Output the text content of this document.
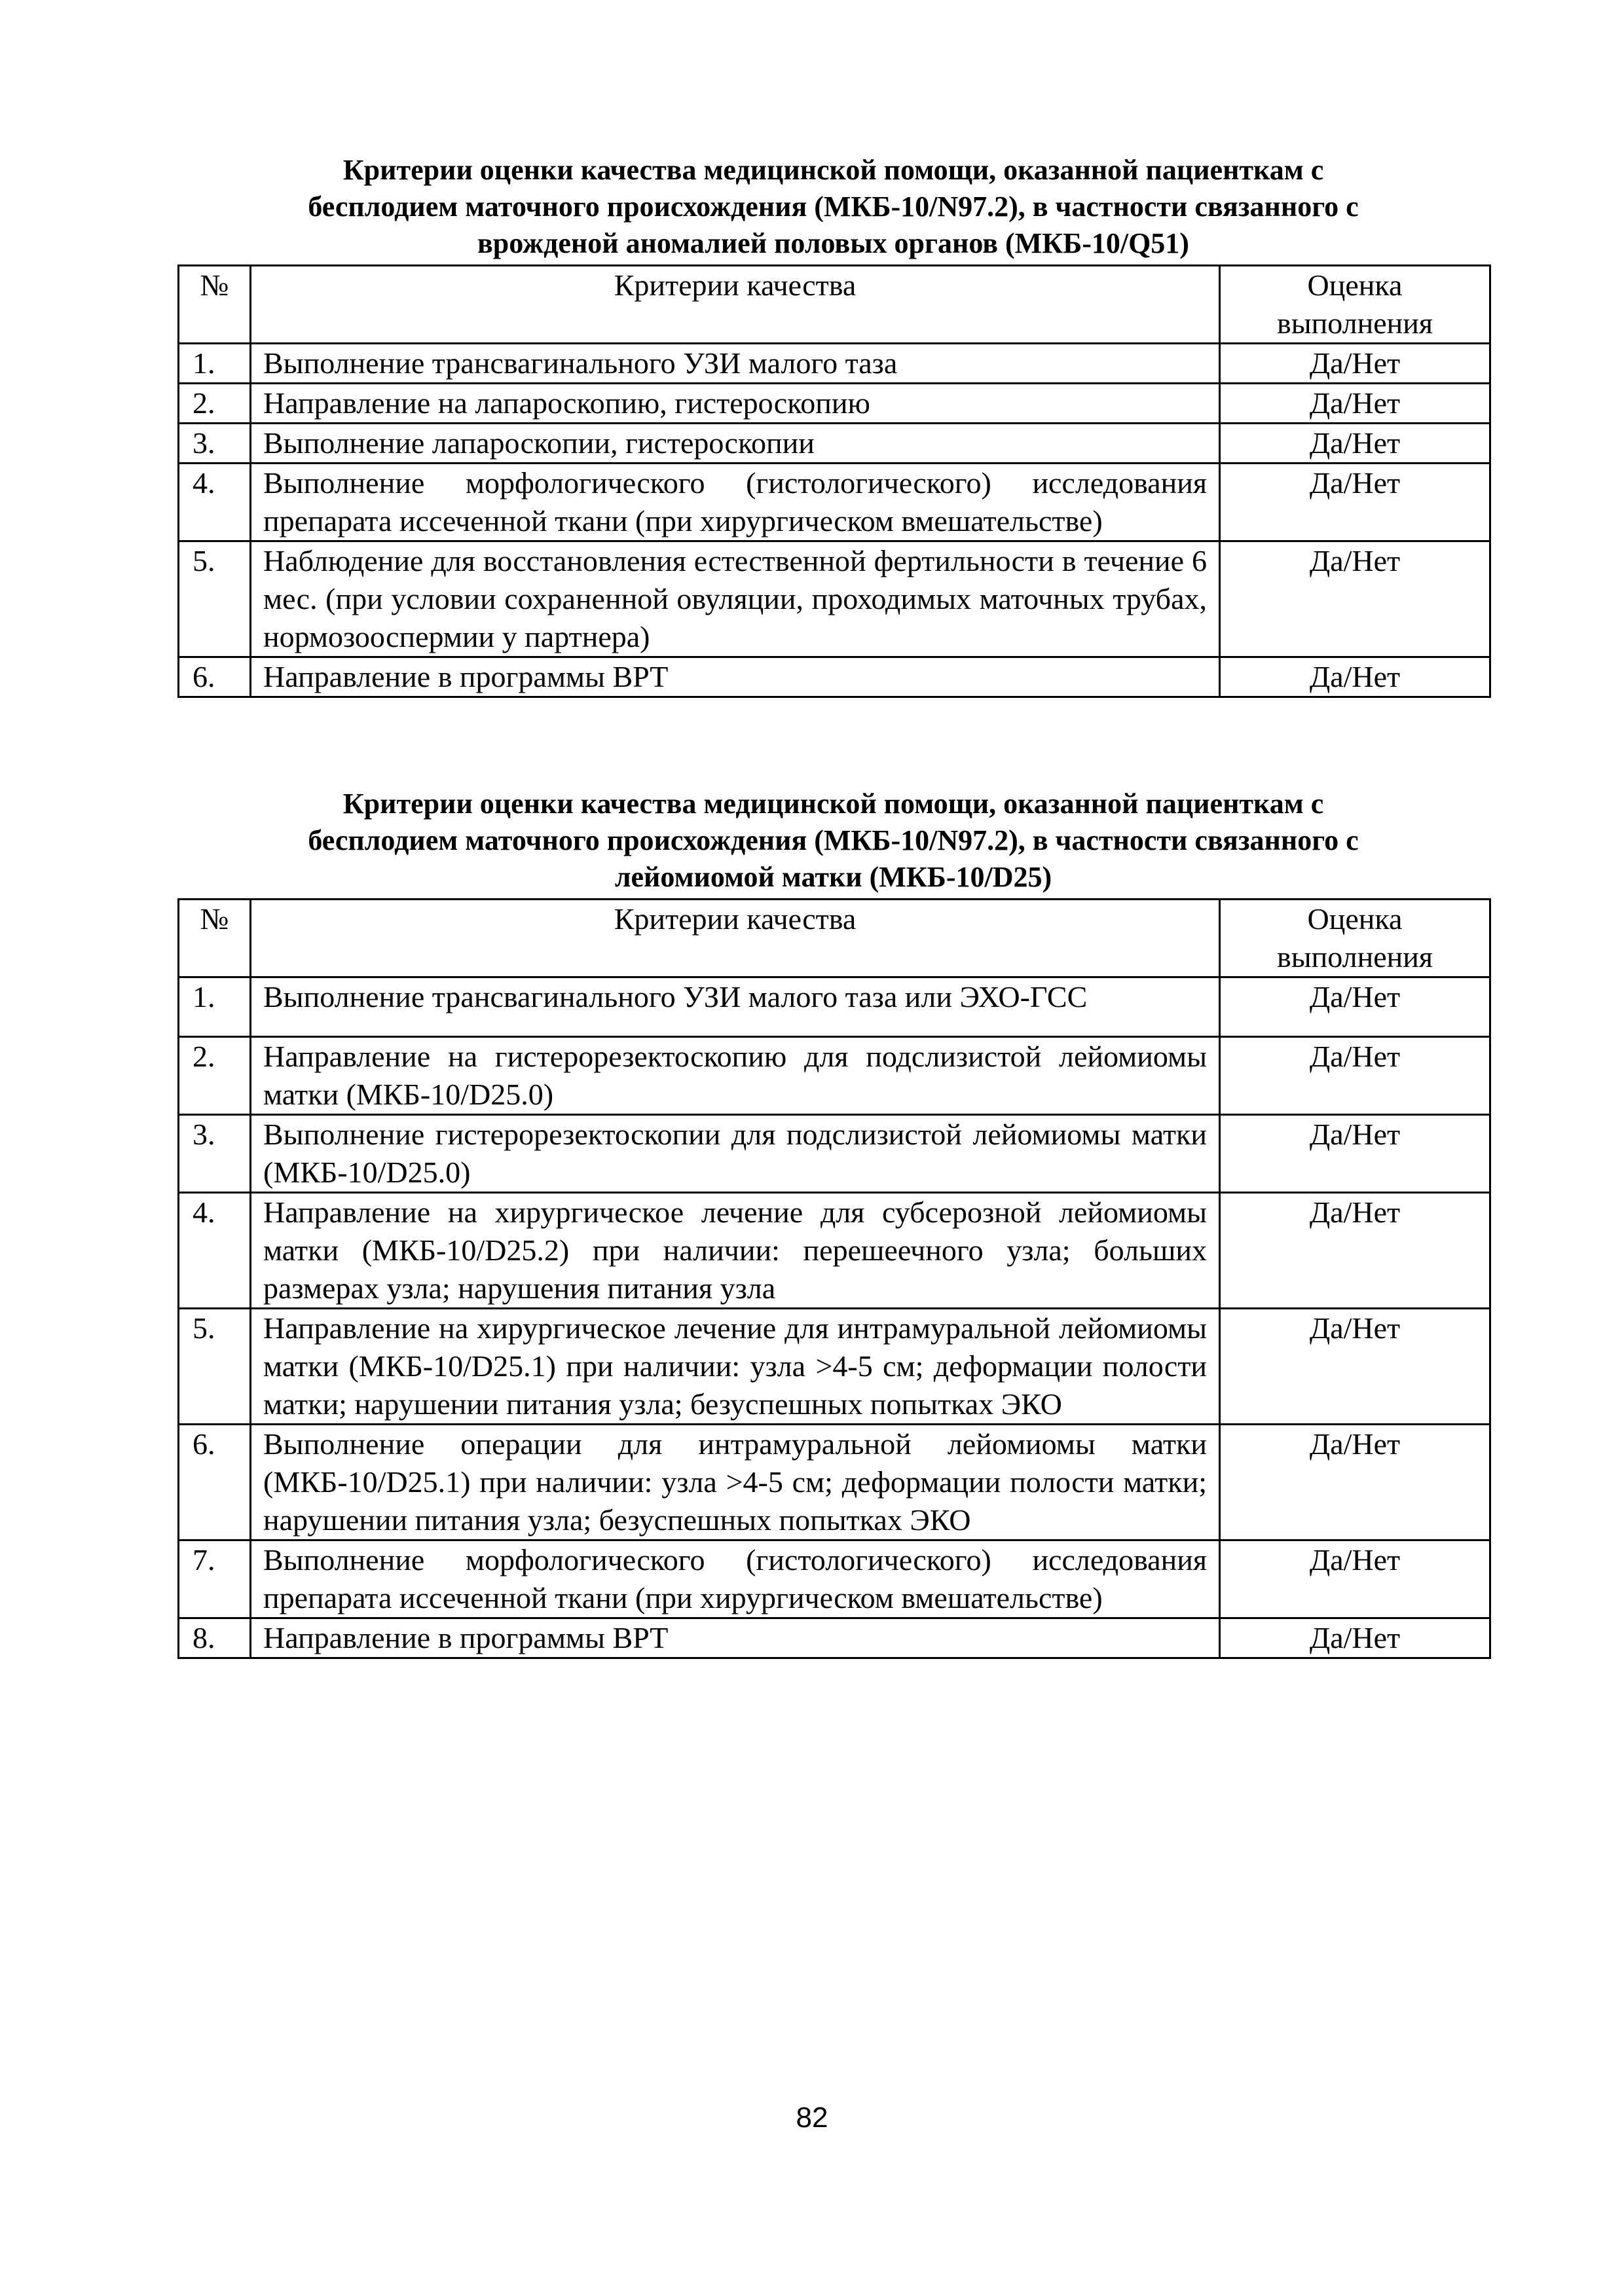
Критерии оценки качества медицинской помощи, оказанной пациенткам с
бесплодием маточного происхождения (МКБ-10/N97.2), в частности связанного с
врожденой аномалией половых органов (МКБ-10/Q51)
№	Критерии качества	Оценка выполнения
1.	Выполнение трансвагинального УЗИ малого таза	Да/Нет
2.	Направление на лапароскопию, гистероскопию	Да/Нет
3.	Выполнение лапароскопии, гистероскопии	Да/Нет
4.	Выполнение морфологического (гистологического) исследования препарата иссеченной ткани (при хирургическом вмешательстве)	Да/Нет
5.	Наблюдение для восстановления естественной фертильности в течение 6 мес. (при условии сохраненной овуляции, проходимых маточных трубах, нормозооспермии у партнера)	Да/Нет
6.	Направление в программы ВРТ	Да/Нет
Критерии оценки качества медицинской помощи, оказанной пациенткам с
бесплодием маточного происхождения (МКБ-10/N97.2), в частности связанного с
лейомиомой матки (МКБ-10/D25)
№	Критерии качества	Оценка выполнения
1.	Выполнение трансвагинального УЗИ малого таза или ЭХО-ГСС	Да/Нет
2.	Направление на гистерорезектоскопию для подслизистой лейомиомы матки (МКБ-10/D25.0)	Да/Нет
3.	Выполнение гистерорезектоскопии для подслизистой лейомиомы матки (МКБ-10/D25.0)	Да/Нет
4.	Направление на хирургическое лечение для субсерозной лейомиомы матки (МКБ-10/D25.2) при наличии: перешеечного узла; больших размерах узла; нарушения питания узла	Да/Нет
5.	Направление на хирургическое лечение для интрамуральной лейомиомы матки (МКБ-10/D25.1) при наличии: узла >4-5 см; деформации полости матки; нарушении питания узла; безуспешных попытках ЭКО	Да/Нет
6.	Выполнение операции для интрамуральной лейомиомы матки (МКБ-10/D25.1) при наличии: узла >4-5 см; деформации полости матки; нарушении питания узла; безуспешных попытках ЭКО	Да/Нет
7.	Выполнение морфологического (гистологического) исследования препарата иссеченной ткани (при хирургическом вмешательстве)	Да/Нет
8.	Направление в программы ВРТ	Да/Нет
82
